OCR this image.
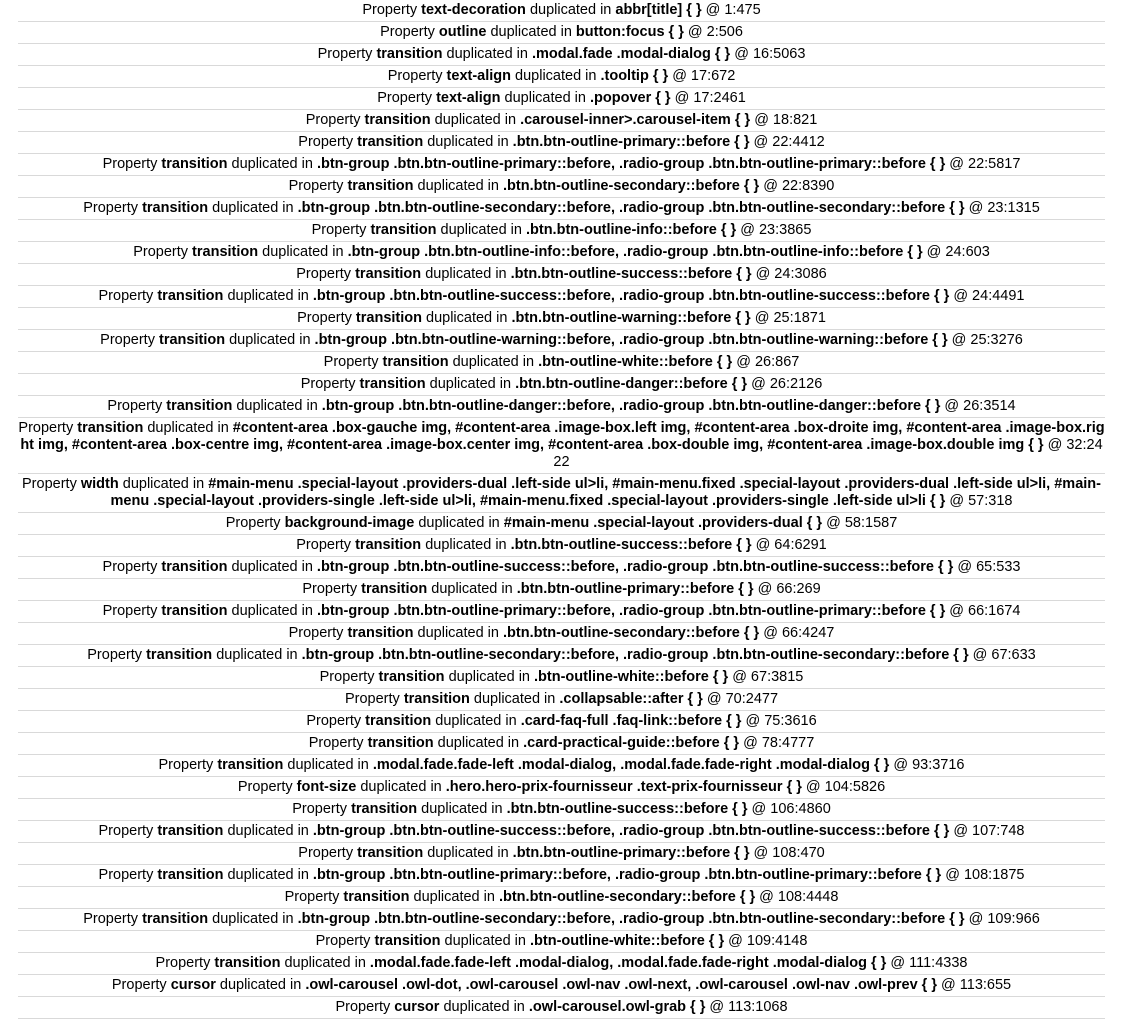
Property text-decoration duplicated in abbr[title] { } @ 1:475
Property outline duplicated in button:focus { } @ 2:506
Property transition duplicated in .modal.fade .modal-dialog { } @ 16:5063
Property text-align duplicated in .tooltip { } @ 17:672
Property text-align duplicated in .popover { } @ 17:2461
Property transition duplicated in .carousel-inner>.carousel-item { } @ 18:821
Property transition duplicated in .btn.btn-outline-primary::before { } @ 22:4412
Property transition duplicated in .btn-group .btn.btn-outline-primary::before, .radio-group .btn.btn-outline-primary::before { } @ 22:5817
Property transition duplicated in .btn.btn-outline-secondary::before { } @ 22:8390
Property transition duplicated in .btn-group .btn.btn-outline-secondary::before, .radio-group .btn.btn-outline-secondary::before { } @ 23:1315
Property transition duplicated in .btn.btn-outline-info::before { } @ 23:3865
Property transition duplicated in .btn-group .btn.btn-outline-info::before, .radio-group .btn.btn-outline-info::before { } @ 24:603
Property transition duplicated in .btn.btn-outline-success::before { } @ 24:3086
Property transition duplicated in .btn-group .btn.btn-outline-success::before, .radio-group .btn.btn-outline-success::before { } @ 24:4491
Property transition duplicated in .btn.btn-outline-warning::before { } @ 25:1871
Property transition duplicated in .btn-group .btn.btn-outline-warning::before, .radio-group .btn.btn-outline-warning::before { } @ 25:3276
Property transition duplicated in .btn-outline-white::before { } @ 26:867
Property transition duplicated in .btn.btn-outline-danger::before { } @ 26:2126
Property transition duplicated in .btn-group .btn.btn-outline-danger::before, .radio-group .btn.btn-outline-danger::before { } @ 26:3514
Property transition duplicated in #content-area .box-gauche img, #content-area .image-box.left img, #content-area .box-droite img, #content-area .image-box.right img, #content-area .box-centre img, #content-area .image-box.center img, #content-area .box-double img, #content-area .image-box.double img { } @ 32:2422
Property width duplicated in #main-menu .special-layout .providers-dual .left-side ul>li, #main-menu.fixed .special-layout .providers-dual .left-side ul>li, #main-menu .special-layout .providers-single .left-side ul>li, #main-menu.fixed .special-layout .providers-single .left-side ul>li { } @ 57:318
Property background-image duplicated in #main-menu .special-layout .providers-dual { } @ 58:1587
Property transition duplicated in .btn.btn-outline-success::before { } @ 64:6291
Property transition duplicated in .btn-group .btn.btn-outline-success::before, .radio-group .btn.btn-outline-success::before { } @ 65:533
Property transition duplicated in .btn.btn-outline-primary::before { } @ 66:269
Property transition duplicated in .btn-group .btn.btn-outline-primary::before, .radio-group .btn.btn-outline-primary::before { } @ 66:1674
Property transition duplicated in .btn.btn-outline-secondary::before { } @ 66:4247
Property transition duplicated in .btn-group .btn.btn-outline-secondary::before, .radio-group .btn.btn-outline-secondary::before { } @ 67:633
Property transition duplicated in .btn-outline-white::before { } @ 67:3815
Property transition duplicated in .collapsable::after { } @ 70:2477
Property transition duplicated in .card-faq-full .faq-link::before { } @ 75:3616
Property transition duplicated in .card-practical-guide::before { } @ 78:4777
Property transition duplicated in .modal.fade.fade-left .modal-dialog, .modal.fade.fade-right .modal-dialog { } @ 93:3716
Property font-size duplicated in .hero.hero-prix-fournisseur .text-prix-fournisseur { } @ 104:5826
Property transition duplicated in .btn.btn-outline-success::before { } @ 106:4860
Property transition duplicated in .btn-group .btn.btn-outline-success::before, .radio-group .btn.btn-outline-success::before { } @ 107:748
Property transition duplicated in .btn.btn-outline-primary::before { } @ 108:470
Property transition duplicated in .btn-group .btn.btn-outline-primary::before, .radio-group .btn.btn-outline-primary::before { } @ 108:1875
Property transition duplicated in .btn.btn-outline-secondary::before { } @ 108:4448
Property transition duplicated in .btn-group .btn.btn-outline-secondary::before, .radio-group .btn.btn-outline-secondary::before { } @ 109:966
Property transition duplicated in .btn-outline-white::before { } @ 109:4148
Property transition duplicated in .modal.fade.fade-left .modal-dialog, .modal.fade.fade-right .modal-dialog { } @ 111:4338
Property cursor duplicated in .owl-carousel .owl-dot, .owl-carousel .owl-nav .owl-next, .owl-carousel .owl-nav .owl-prev { } @ 113:655
Property cursor duplicated in .owl-carousel.owl-grab { } @ 113:1068
